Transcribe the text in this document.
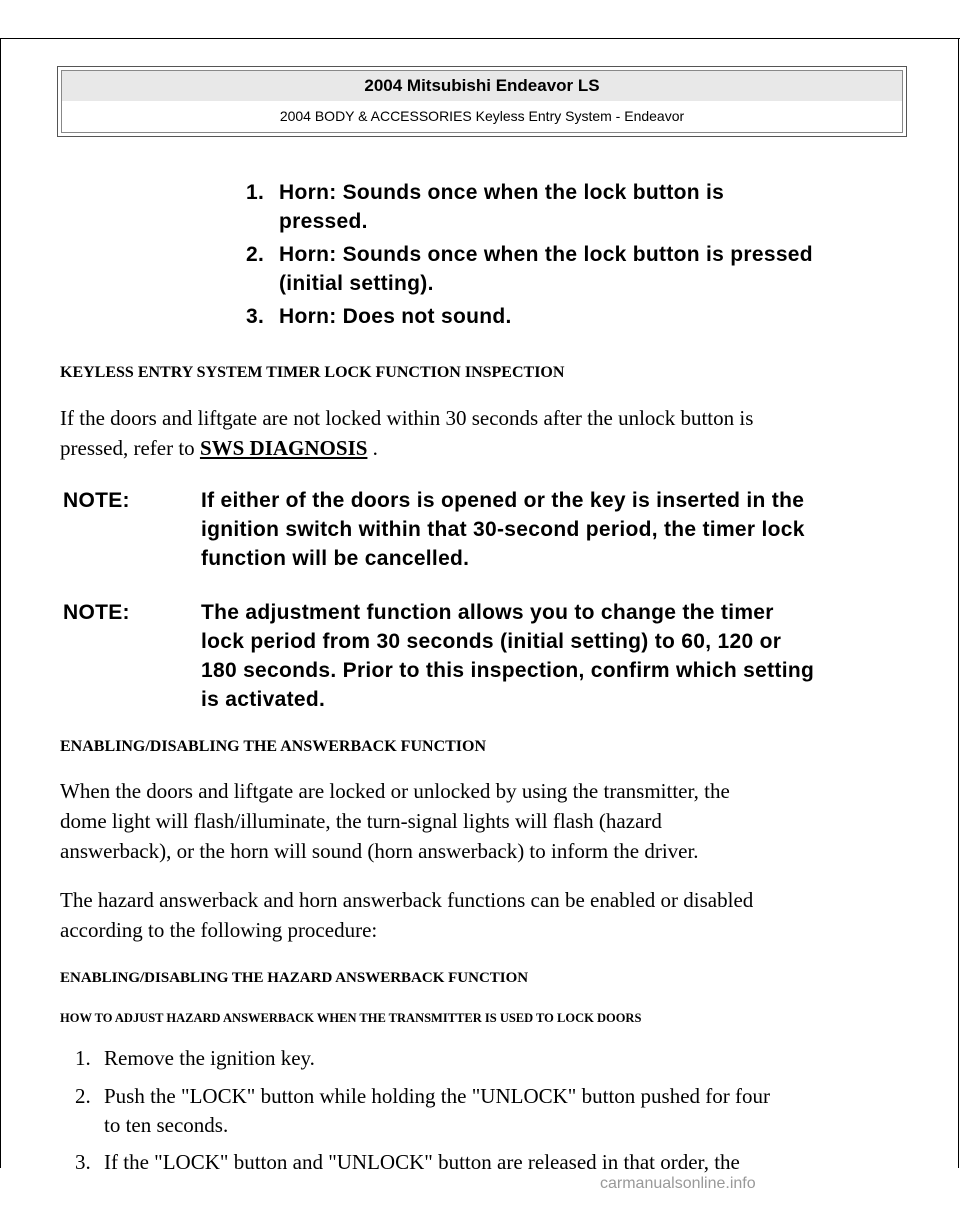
2004 Mitsubishi Endeavor LS
2004 BODY & ACCESSORIES Keyless Entry System - Endeavor
1. Horn: Sounds once when the lock button is
pressed.
2. Horn: Sounds once when the lock button is pressed
(initial setting).
3. Horn: Does not sound.
KEYLESS ENTRY SYSTEM TIMER LOCK FUNCTION INSPECTION
If the doors and liftgate are not locked within 30 seconds after the unlock button is
pressed, refer to SWS DIAGNOSIS .
NOTE:	If either of the doors is opened or the key is inserted in the
ignition switch within that 30-second period, the timer lock
function will be cancelled.
NOTE:	The adjustment function allows you to change the timer
lock period from 30 seconds (initial setting) to 60, 120 or
180 seconds. Prior to this inspection, confirm which setting
is activated.
ENABLING/DISABLING THE ANSWERBACK FUNCTION
When the doors and liftgate are locked or unlocked by using the transmitter, the
dome light will flash/illuminate, the turn-signal lights will flash (hazard
answerback), or the horn will sound (horn answerback) to inform the driver.
The hazard answerback and horn answerback functions can be enabled or disabled
according to the following procedure:
ENABLING/DISABLING THE HAZARD ANSWERBACK FUNCTION
HOW TO ADJUST HAZARD ANSWERBACK WHEN THE TRANSMITTER IS USED TO LOCK DOORS
1. Remove the ignition key.
2. Push the "LOCK" button while holding the "UNLOCK" button pushed for four
to ten seconds.
3. If the "LOCK" button and "UNLOCK" button are released in that order, the
carmanualsonline.info
